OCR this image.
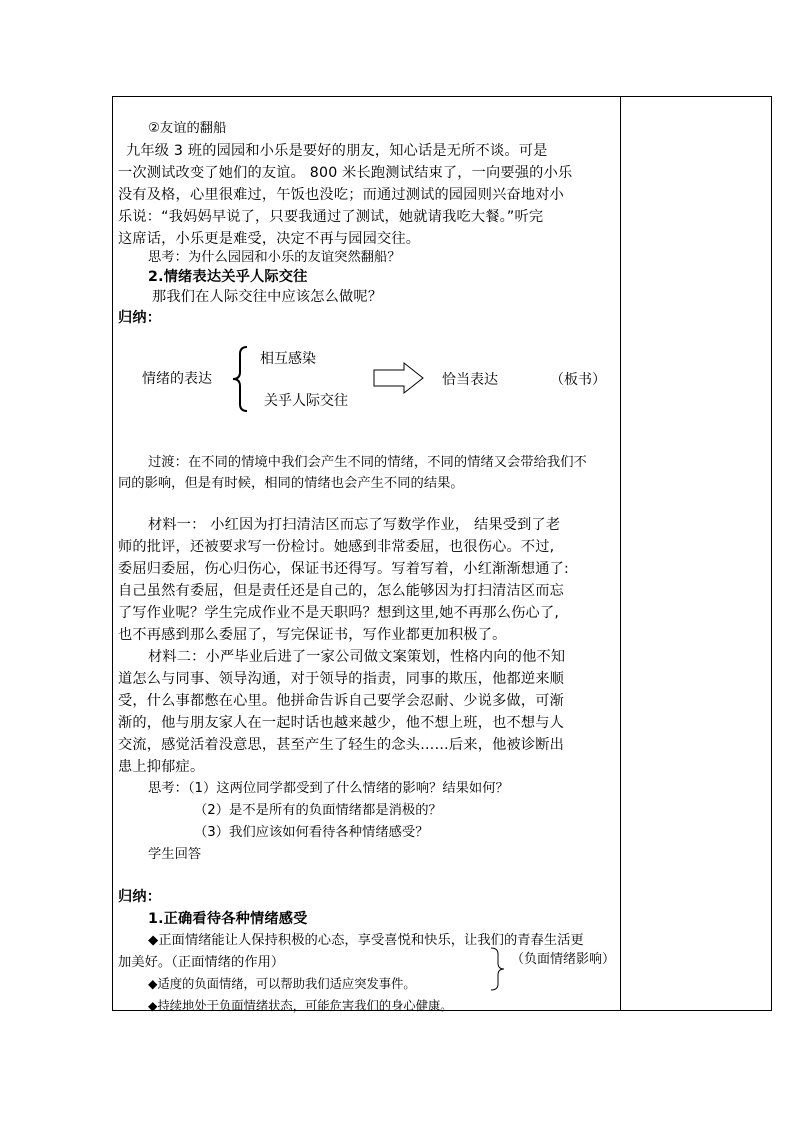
②友谊的翻船
九年级 3 班的园园和小乐是要好的朋友，知心话是无所不谈。可是
一次测试改变了她们的友谊。 800 米长跑测试结束了，一向要强的小乐
没有及格，心里很难过，午饭也没吃；而通过测试的园园则兴奋地对小
乐说：“我妈妈早说了，只要我通过了测试，她就请我吃大餐。”听完
这席话，小乐更是难受，决定不再与园园交往。
思考：为什么园园和小乐的友谊突然翻船？
2.情绪表达关乎人际交往
那我们在人际交往中应该怎么做呢？
归纳：
情绪的表达
相互感染
关乎人际交往
恰当表达	（板书）
过渡：在不同的情境中我们会产生不同的情绪，不同的情绪又会带给我们不
同的影响，但是有时候，相同的情绪也会产生不同的结果。
材料一： 小红因为打扫清洁区而忘了写数学作业， 结果受到了老
师的批评，还被要求写一份检讨。她感到非常委屈，也很伤心。不过,
委屈归委屈，伤心归伤心，保证书还得写。写着写着，小红渐渐想通了:
自己虽然有委屈，但是责任还是自己的，怎么能够因为打扫清洁区而忘
了写作业呢？学生完成作业不是天职吗？想到这里,她不再那么伤心了,
也不再感到那么委屈了，写完保证书，写作业都更加积极了。
材料二：小严毕业后进了一家公司做文案策划，性格内向的他不知
道怎么与同事、领导沟通，对于领导的指责，同事的欺压，他都逆来顺
受，什么事都憋在心里。他拼命告诉自己要学会忍耐、少说多做，可渐
渐的，他与朋友家人在一起时话也越来越少，他不想上班，也不想与人
交流，感觉活着没意思，甚至产生了轻生的念头……后来，他被诊断出
患上抑郁症。
思考：（1）这两位同学都受到了什么情绪的影响？结果如何？
（2）是不是所有的负面情绪都是消极的？
（3）我们应该如何看待各种情绪感受？
学生回答
归纳：
1.正确看待各种情绪感受
◆正面情绪能让人保持积极的心态，享受喜悦和快乐，让我们的青春生活更
加美好。（正面情绪的作用）
◆适度的负面情绪，可以帮助我们适应突发事件。
◆持续地处于负面情绪状态，可能危害我们的身心健康。
（负面情绪影响）
